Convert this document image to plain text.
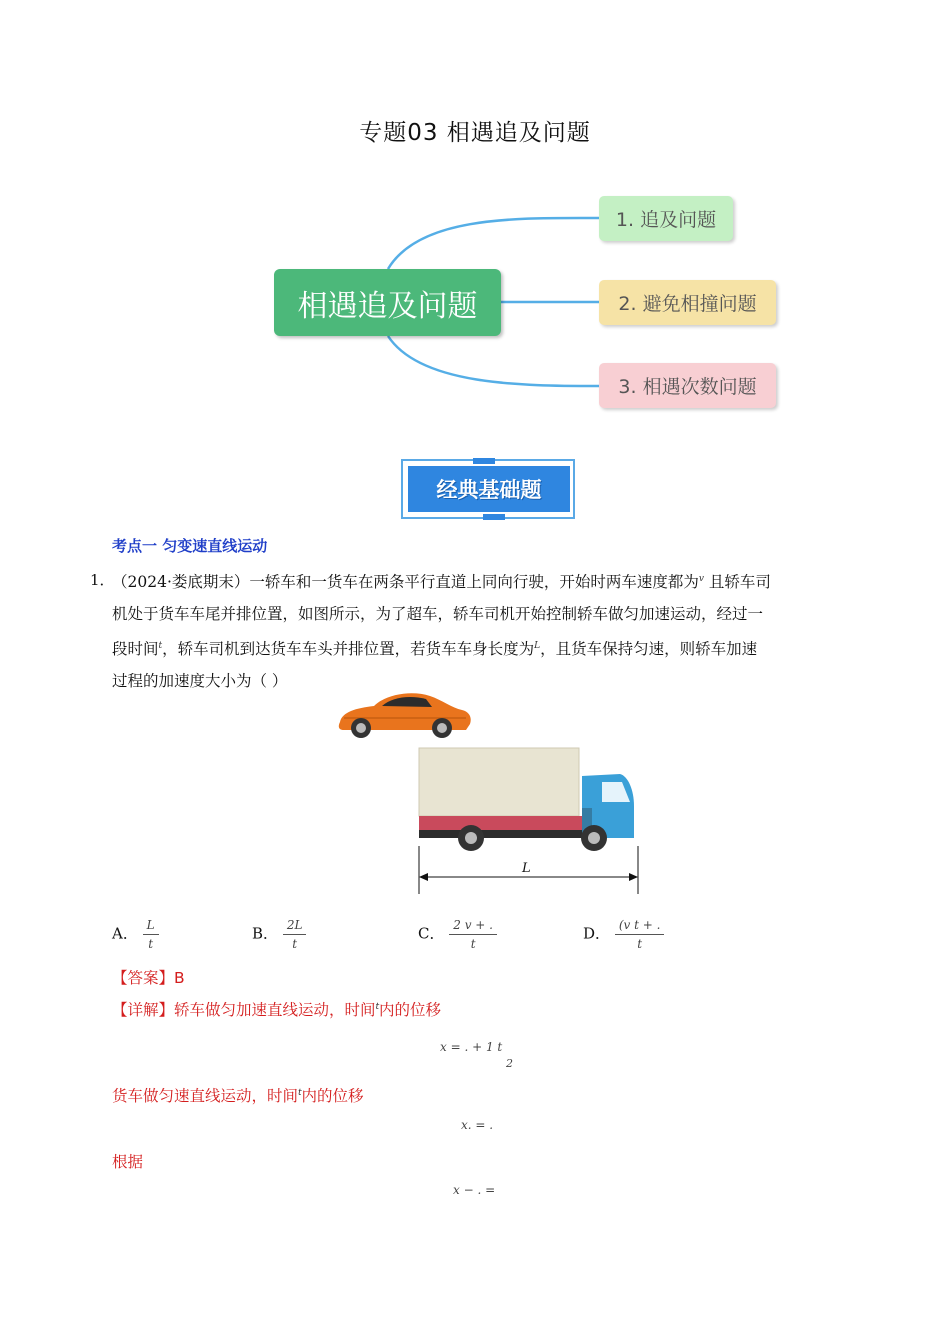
专题03 相遇追及问题
相遇追及问题
1. 追及问题
2. 避免相撞问题
3. 相遇次数问题
经典基础题
考点一 匀变速直线运动
1．
（2024·娄底期末）一轿车和一货车在两条平行直道上同向行驶，开始时两车速度都为$^v$ 且轿车司
机处于货车车尾并排位置，如图所示，为了超车，轿车司机开始控制轿车做匀加速运动，经过一
段时间$^t$，轿车司机到达货车车头并排位置，若货车车身长度为$^L$，且货车保持匀速，则轿车加速
过程的加速度大小为（ ）
L
A． $\frac{L}{t}$	B． $\frac{2L}{t}$	C． $\frac{2 v + .}{t}$	D． $\frac{\text{(v t + .}}{t}$
【答案】B
【详解】轿车做匀加速直线运动，时间$^t$内的位移
x = . + 1 t
2
货车做匀速直线运动，时间$^t$内的位移
x. = .
根据
x − . =
